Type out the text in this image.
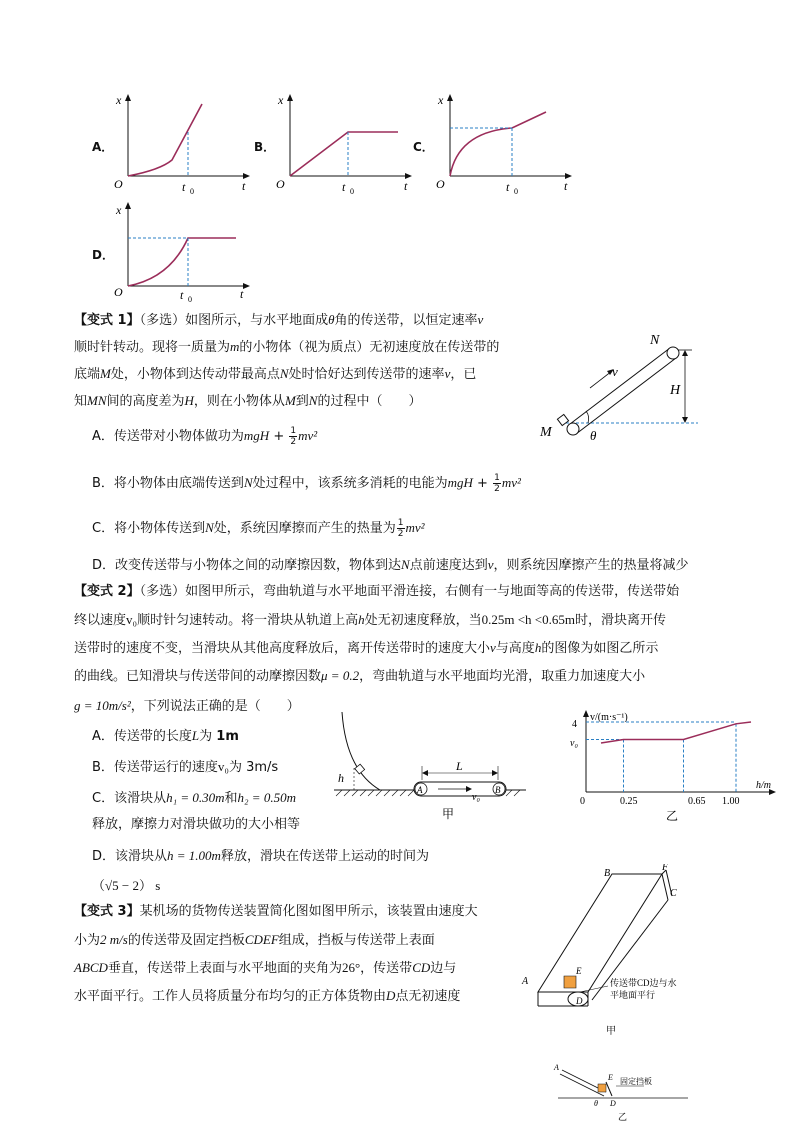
A．	B．	C．
D．
x
O	t
t 0
x
O	t
t 0
x
O	t
t 0
x
O	t
t 0
【变式 1】（多选）如图所示，与水平地面成θ角的传送带，以恒定速率v
顺时针转动。现将一质量为m的小物体（视为质点）无初速度放在传送带的
底端M处，小物体到达传动带最高点N处时恰好达到传送带的速率v，已
知MN间的高度差为H，则在小物体从M到N的过程中（　　）
A．传送带对小物体做功为mgH + $\frac{1}{2} mv^2$
B．将小物体由底端传送到N处过程中，该系统多消耗的电能为mgH + $\frac{1}{2} mv^2$
C．将小物体传送到N处，系统因摩擦而产生的热量为 $\frac{1}{2} mv^2$
D．改变传送带与小物体之间的动摩擦因数，物体到达N点前速度达到v，则系统因摩擦产生的热量将减少
N
v
H
M	θ
【变式 2】（多选）如图甲所示，弯曲轨道与水平地面平滑连接，右侧有一与地面等高的传送带，传送带始
终以速度v₀顺时针匀速转动。将一滑块从轨道上高h处无初速度释放，当0.25m <h <0.65m时，滑块离开传
送带时的速度不变，当滑块从其他高度释放后，离开传送带时的速度大小v与高度h的图像为如图乙所示
的曲线。已知滑块与传送带间的动摩擦因数μ = 0.2，弯曲轨道与水平地面均光滑，取重力加速度大小
g = 10m/s²，下列说法正确的是（　　）
A．传送带的长度L为 1m
B．传送带运行的速度v₀为 3m/s
C．该滑块从h₁ = 0.30m和h₂ = 0.50m
释放，摩擦力对滑块做功的大小相等
D．该滑块从h = 1.00m释放，滑块在传送带上运动的时间为
（√5 − 2） s
h
L
A	B
v₀
甲
v/(m·s⁻¹)
4
v₀
h/m
0	0.25	0.65 1.00
乙
【变式 3】某机场的货物传送装置简化图如图甲所示，该装置由速度大
小为2 m/s的传送带及固定挡板CDEF组成，挡板与传送带上表面
ABCD垂直，传送带上表面与水平地面的夹角为26°，传送带CD边与
水平面平行。工作人员将质量分布均匀的正方体货物由D点无初速度
B
F
C
A
E
D
传送带CD边与水
平地面平行
甲
A
E
D
θ
固定挡板
乙
